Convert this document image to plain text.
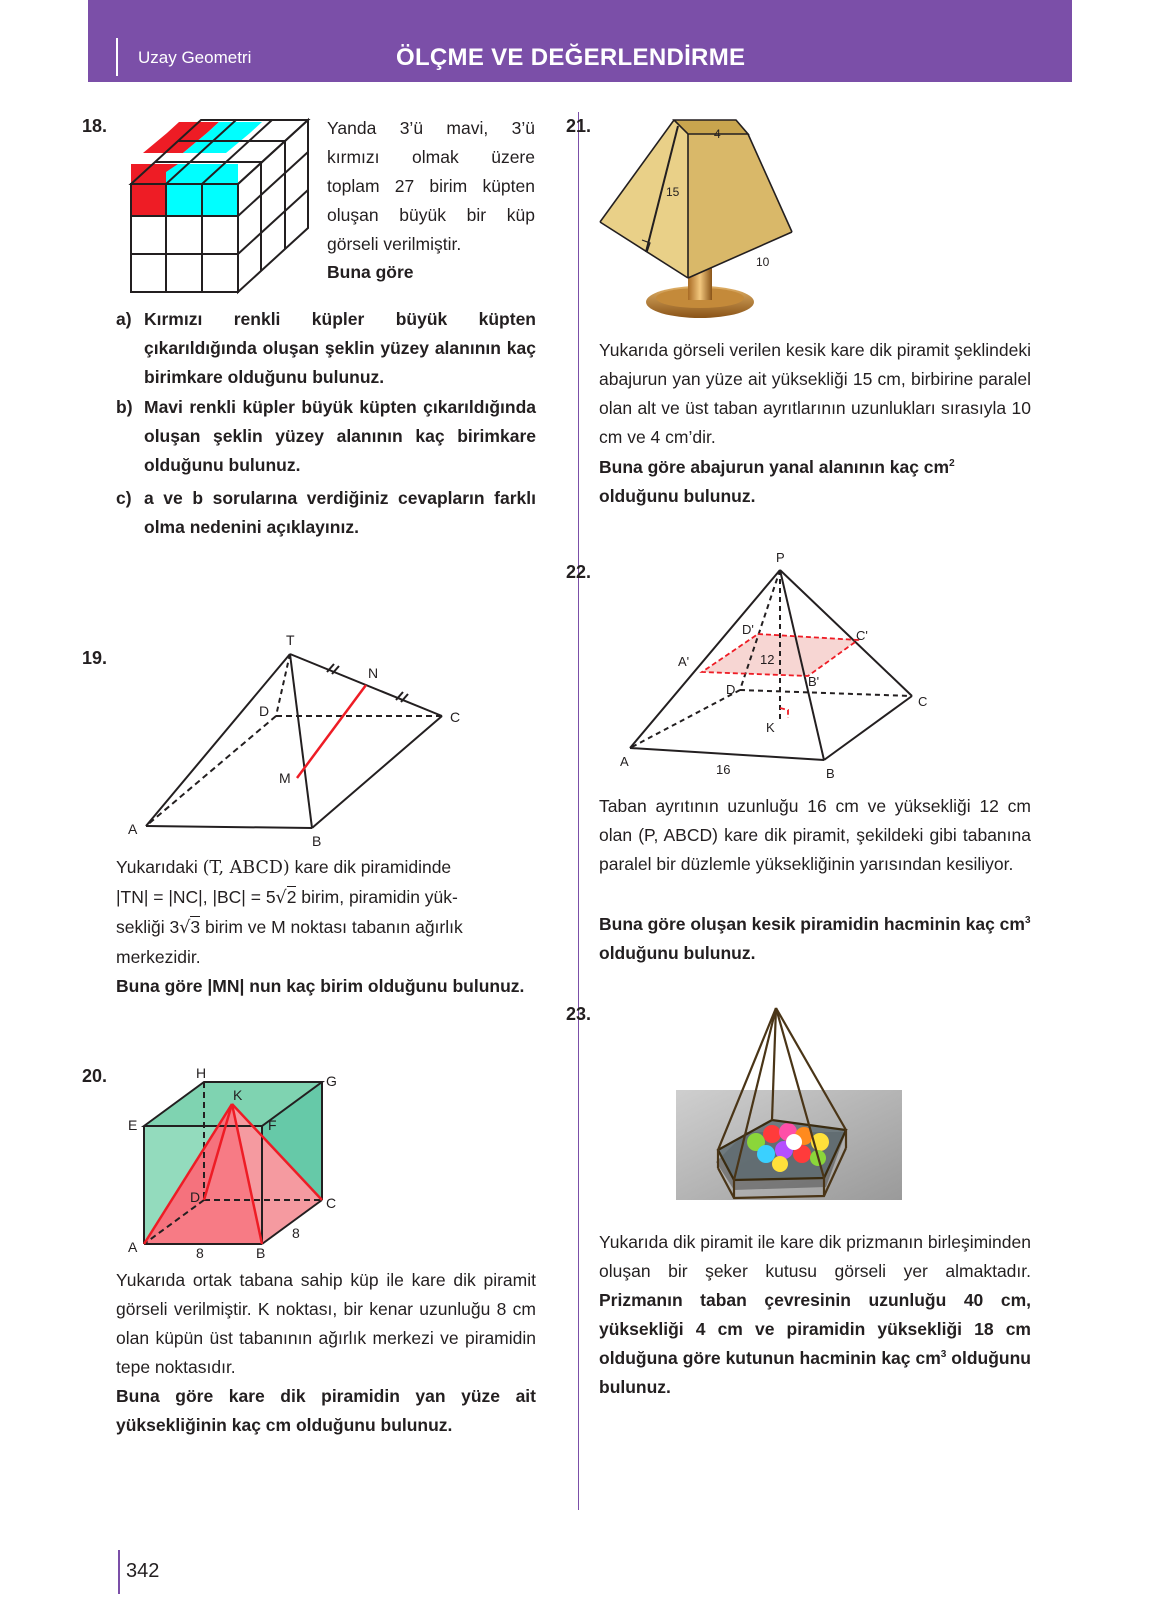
Uzay Geometri	ÖLÇME VE DEĞERLENDİRME
18.	Yanda 3’ü mavi, 3’ü kırmızı olmak üzere toplam 27 birim küpten oluşan büyük bir küp görseli verilmiştir.
Buna göre
a) Kırmızı renkli küpler büyük küpten çıkarıldığında oluşan şeklin yüzey alanının kaç birimkare olduğunu bulunuz.
b) Mavi renkli küpler büyük küpten çıkarıldığında oluşan şeklin yüzey alanının kaç birimkare olduğunu bulunuz.
c) a ve b sorularına verdiğiniz cevapların farklı olma nedenini açıklayınız.
19.
T
N
D	C
M
A
B
Yukarıdaki (T, ABCD) kare dik piramidinde
|TN| = |NC|, |BC| = 5√2 birim, piramidin yük-
sekliği 3√3 birim ve M noktası tabanın ağırlık
merkezidir.
Buna göre |MN| nun kaç birim olduğunu bulunuz.
20.	H	G
K
E	F
D	C
A	8	B
8
Yukarıda ortak tabana sahip küp ile kare dik piramit görseli verilmiştir. K noktası, bir kenar uzunluğu 8 cm olan küpün üst tabanının ağırlık merkezi ve piramidin tepe noktasıdır.
Buna göre kare dik piramidin yan yüze ait yüksekliğinin kaç cm olduğunu bulunuz.
21.	4
15
10
Yukarıda görseli verilen kesik kare dik piramit şeklindeki abajurun yan yüze ait yüksekliği 15 cm, birbirine paralel olan alt ve üst taban ayrıtlarının uzunlukları sırasıyla 10 cm ve 4 cm’dir.
Buna göre abajurun yanal alanının kaç $cm^2$
olduğunu bulunuz.
22.
P
D'	C'
A'	12
D
B'
C
K
A
16	B
Taban ayrıtının uzunluğu 16 cm ve yüksekliği 12 cm olan (P, ABCD) kare dik piramit, şekildeki gibi tabanına paralel bir düzlemle yüksekliğinin yarısından kesiliyor.
Buna göre oluşan kesik piramidin hacminin kaç $cm^3$ olduğunu bulunuz.
23.
Yukarıda dik piramit ile kare dik prizmanın birleşiminden oluşan bir şeker kutusu görseli yer almaktadır. Prizmanın taban çevresinin uzunluğu 40 cm, yüksekliği 4 cm ve piramidin yüksekliği 18 cm olduğuna göre kutunun hacminin kaç $cm^3$ olduğunu bulunuz.
342
